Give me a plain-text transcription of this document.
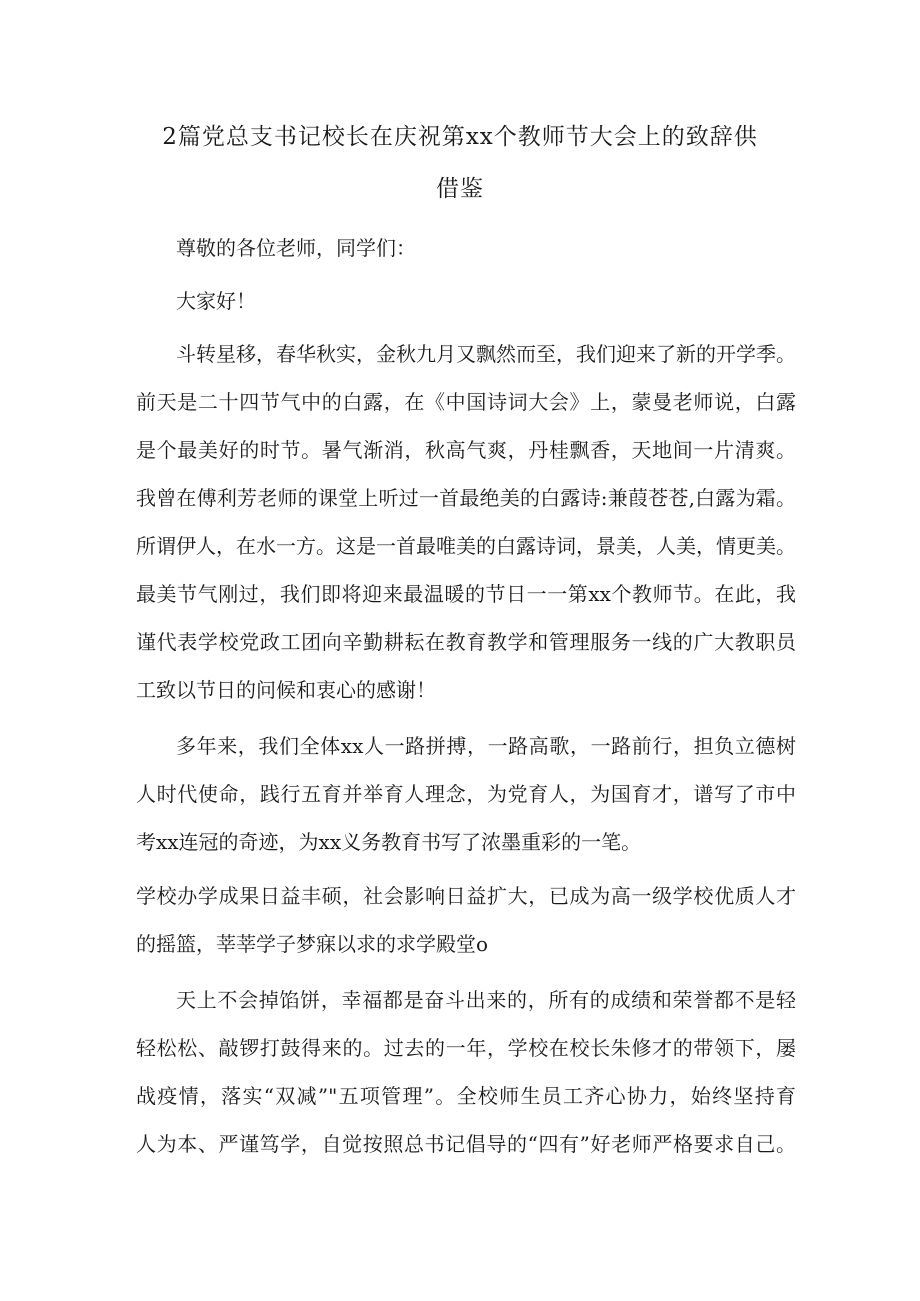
2篇党总支书记校长在庆祝第xx个教师节大会上的致辞供
借鉴
尊敬的各位老师，同学们：
大家好！
斗转星移，春华秋实，金秋九月又飘然而至，我们迎来了新的开学季。
前天是二十四节气中的白露，在《中国诗词大会》上，蒙曼老师说，白露
是个最美好的时节。暑气渐消，秋高气爽，丹桂飘香，天地间一片清爽。
我曾在傅利芳老师的课堂上听过一首最绝美的白露诗:兼葭苍苍,白露为霜。
所谓伊人，在水一方。这是一首最唯美的白露诗词，景美，人美，情更美。
最美节气刚过，我们即将迎来最温暖的节日一一第xx个教师节。在此，我
谨代表学校党政工团向辛勤耕耘在教育教学和管理服务一线的广大教职员
工致以节日的问候和衷心的感谢！
多年来，我们全体xx人一路拼搏，一路高歌，一路前行，担负立德树
人时代使命，践行五育并举育人理念，为党育人，为国育才，谱写了市中
考xx连冠的奇迹，为xx义务教育书写了浓墨重彩的一笔。
学校办学成果日益丰硕，社会影响日益扩大，已成为高一级学校优质人才
的摇篮，莘莘学子梦寐以求的求学殿堂o
天上不会掉馅饼，幸福都是奋斗出来的，所有的成绩和荣誉都不是轻
轻松松、敲锣打鼓得来的。过去的一年，学校在校长朱修才的带领下，屡
战疫情，落实“双减”"五项管理”。全校师生员工齐心协力，始终坚持育
人为本、严谨笃学，自觉按照总书记倡导的“四有”好老师严格要求自己。
